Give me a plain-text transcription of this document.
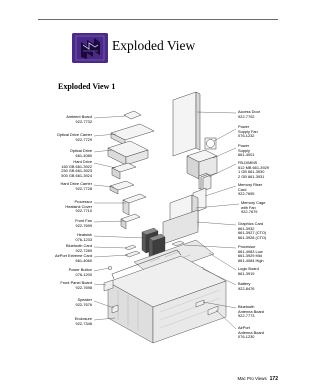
Exploded View
Exploded View 1
Ambient Board
922-7732
Optical Drive Carrier
922-7729
Optical Drive
661-4080
Hard Drive
160 GB 661-3922
250 GB 661-3923
500 GB 661-3924
Hard Drive Carrier
922-7728
Processor
Heatsink Cover
922-7710
Front Fan
922-7699
Heatsink
076-1233
Bluetooth Card
922-7289
AirPort Extreme Card
661-4060
Power Button
076-1200
Front Panel Board
922-7698
Speaker
922-7676
Enclosure
922-7346
Access Door
922-7702
Power
Supply Fan
076-1232
Power
Supply
661-4001
FB-DIMMS
512 MB 661-3929
1 GB 661-3930
2 GB 661-3931
Memory Riser
Card
922-7695
Memory Cage
with Fan
922-7679
Graphics Card
661-3932
661-3927 (CTO)
661-3928 (CTO)
Processor
661-4083 Low
661-3929 Mid
661-4084 High
Logic Board
661-3919
Battery
922-8476
Bluetooth
Antenna Board
922-7773
AirPort
Antenna Board
076-1230
Mac Pro Views 172
